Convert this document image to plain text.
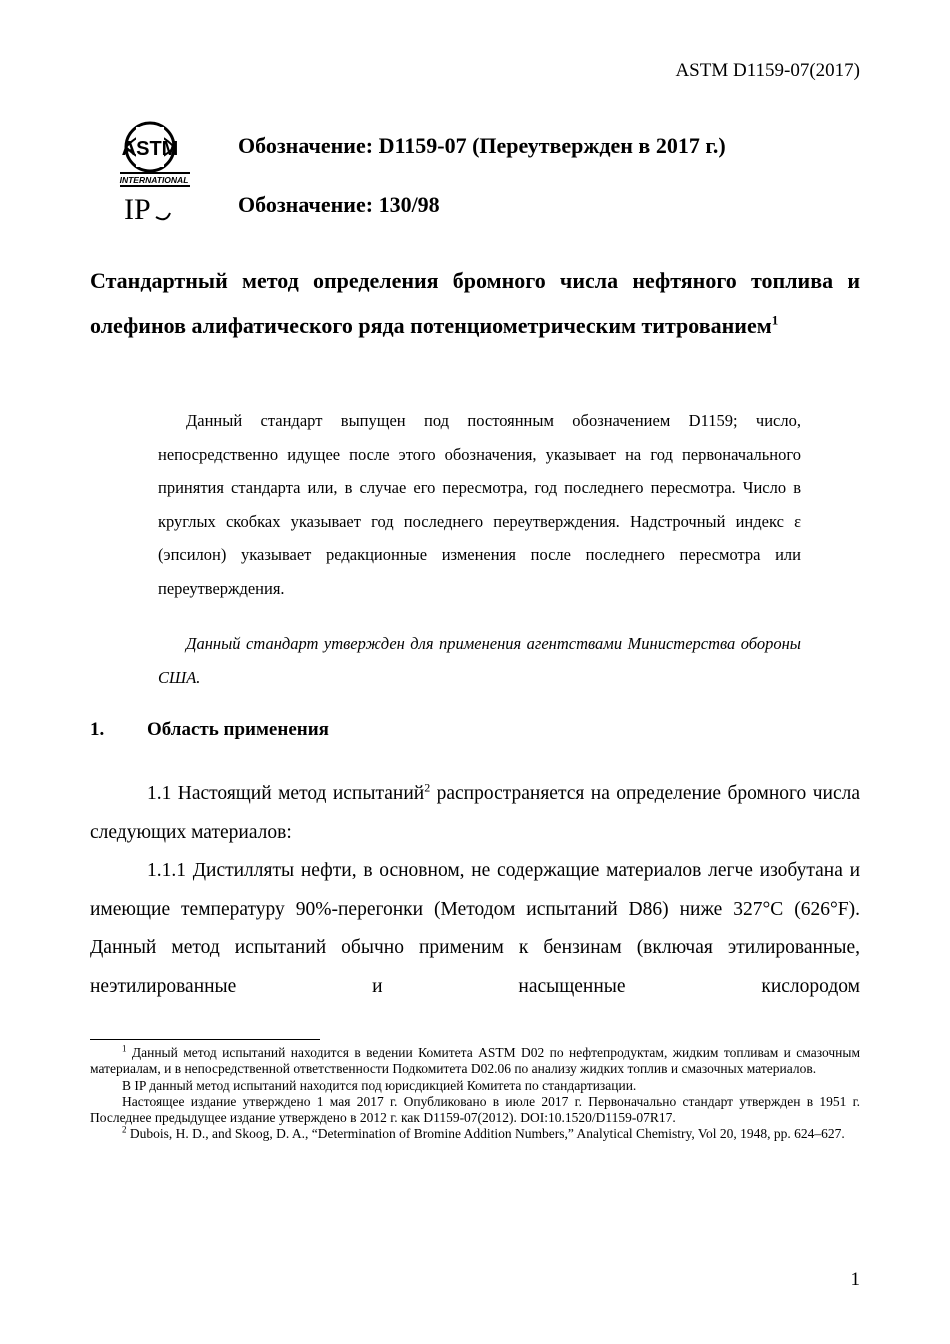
ASTM D1159-07(2017)
ASTM
INTERNATIONAL
IP
Обозначение: D1159-07 (Переутвержден в 2017 г.)
Обозначение: 130/98
Стандартный метод определения бромного числа нефтяного топлива и олефинов алифатического ряда потенциометрическим титрованием$^1$

Данный стандарт выпущен под постоянным обозначением D1159; число, непосредственно идущее после этого обозначения, указывает на год первоначального принятия стандарта или, в случае его пересмотра, год последнего пересмотра. Число в круглых скобках указывает год последнего переутверждения. Надстрочный индекс ε (эпсилон) указывает редакционные изменения после последнего пересмотра или переутверждения.

Данный стандарт утвержден для применения агентствами Министерства обороны США.

1. Область применения

1.1 Настоящий метод испытаний$^2$ распространяется на определение бромного числа следующих материалов:

1.1.1 Дистилляты нефти, в основном, не содержащие материалов легче изобутана и имеющие температуру 90%-перегонки (Методом испытаний D86) ниже 327°C (626°F). Данный метод испытаний обычно применим к бензинам (включая этилированные, неэтилированные и насыщенные кислородом

$^1$ Данный метод испытаний находится в ведении Комитета ASTM D02 по нефтепродуктам, жидким топливам и смазочным материалам, и в непосредственной ответственности Подкомитета D02.06 по анализу жидких топлив и смазочных материалов.

В IP данный метод испытаний находится под юрисдикцией Комитета по стандартизации.

Настоящее издание утверждено 1 мая 2017 г. Опубликовано в июле 2017 г. Первоначально стандарт утвержден в 1951 г. Последнее предыдущее издание утверждено в 2012 г. как D1159-07(2012). DOI:10.1520/D1159-07R17.

$^2$ Dubois, H. D., and Skoog, D. A., “Determination of Bromine Addition Numbers,” Analytical Chemistry, Vol 20, 1948, pp. 624–627.

1
